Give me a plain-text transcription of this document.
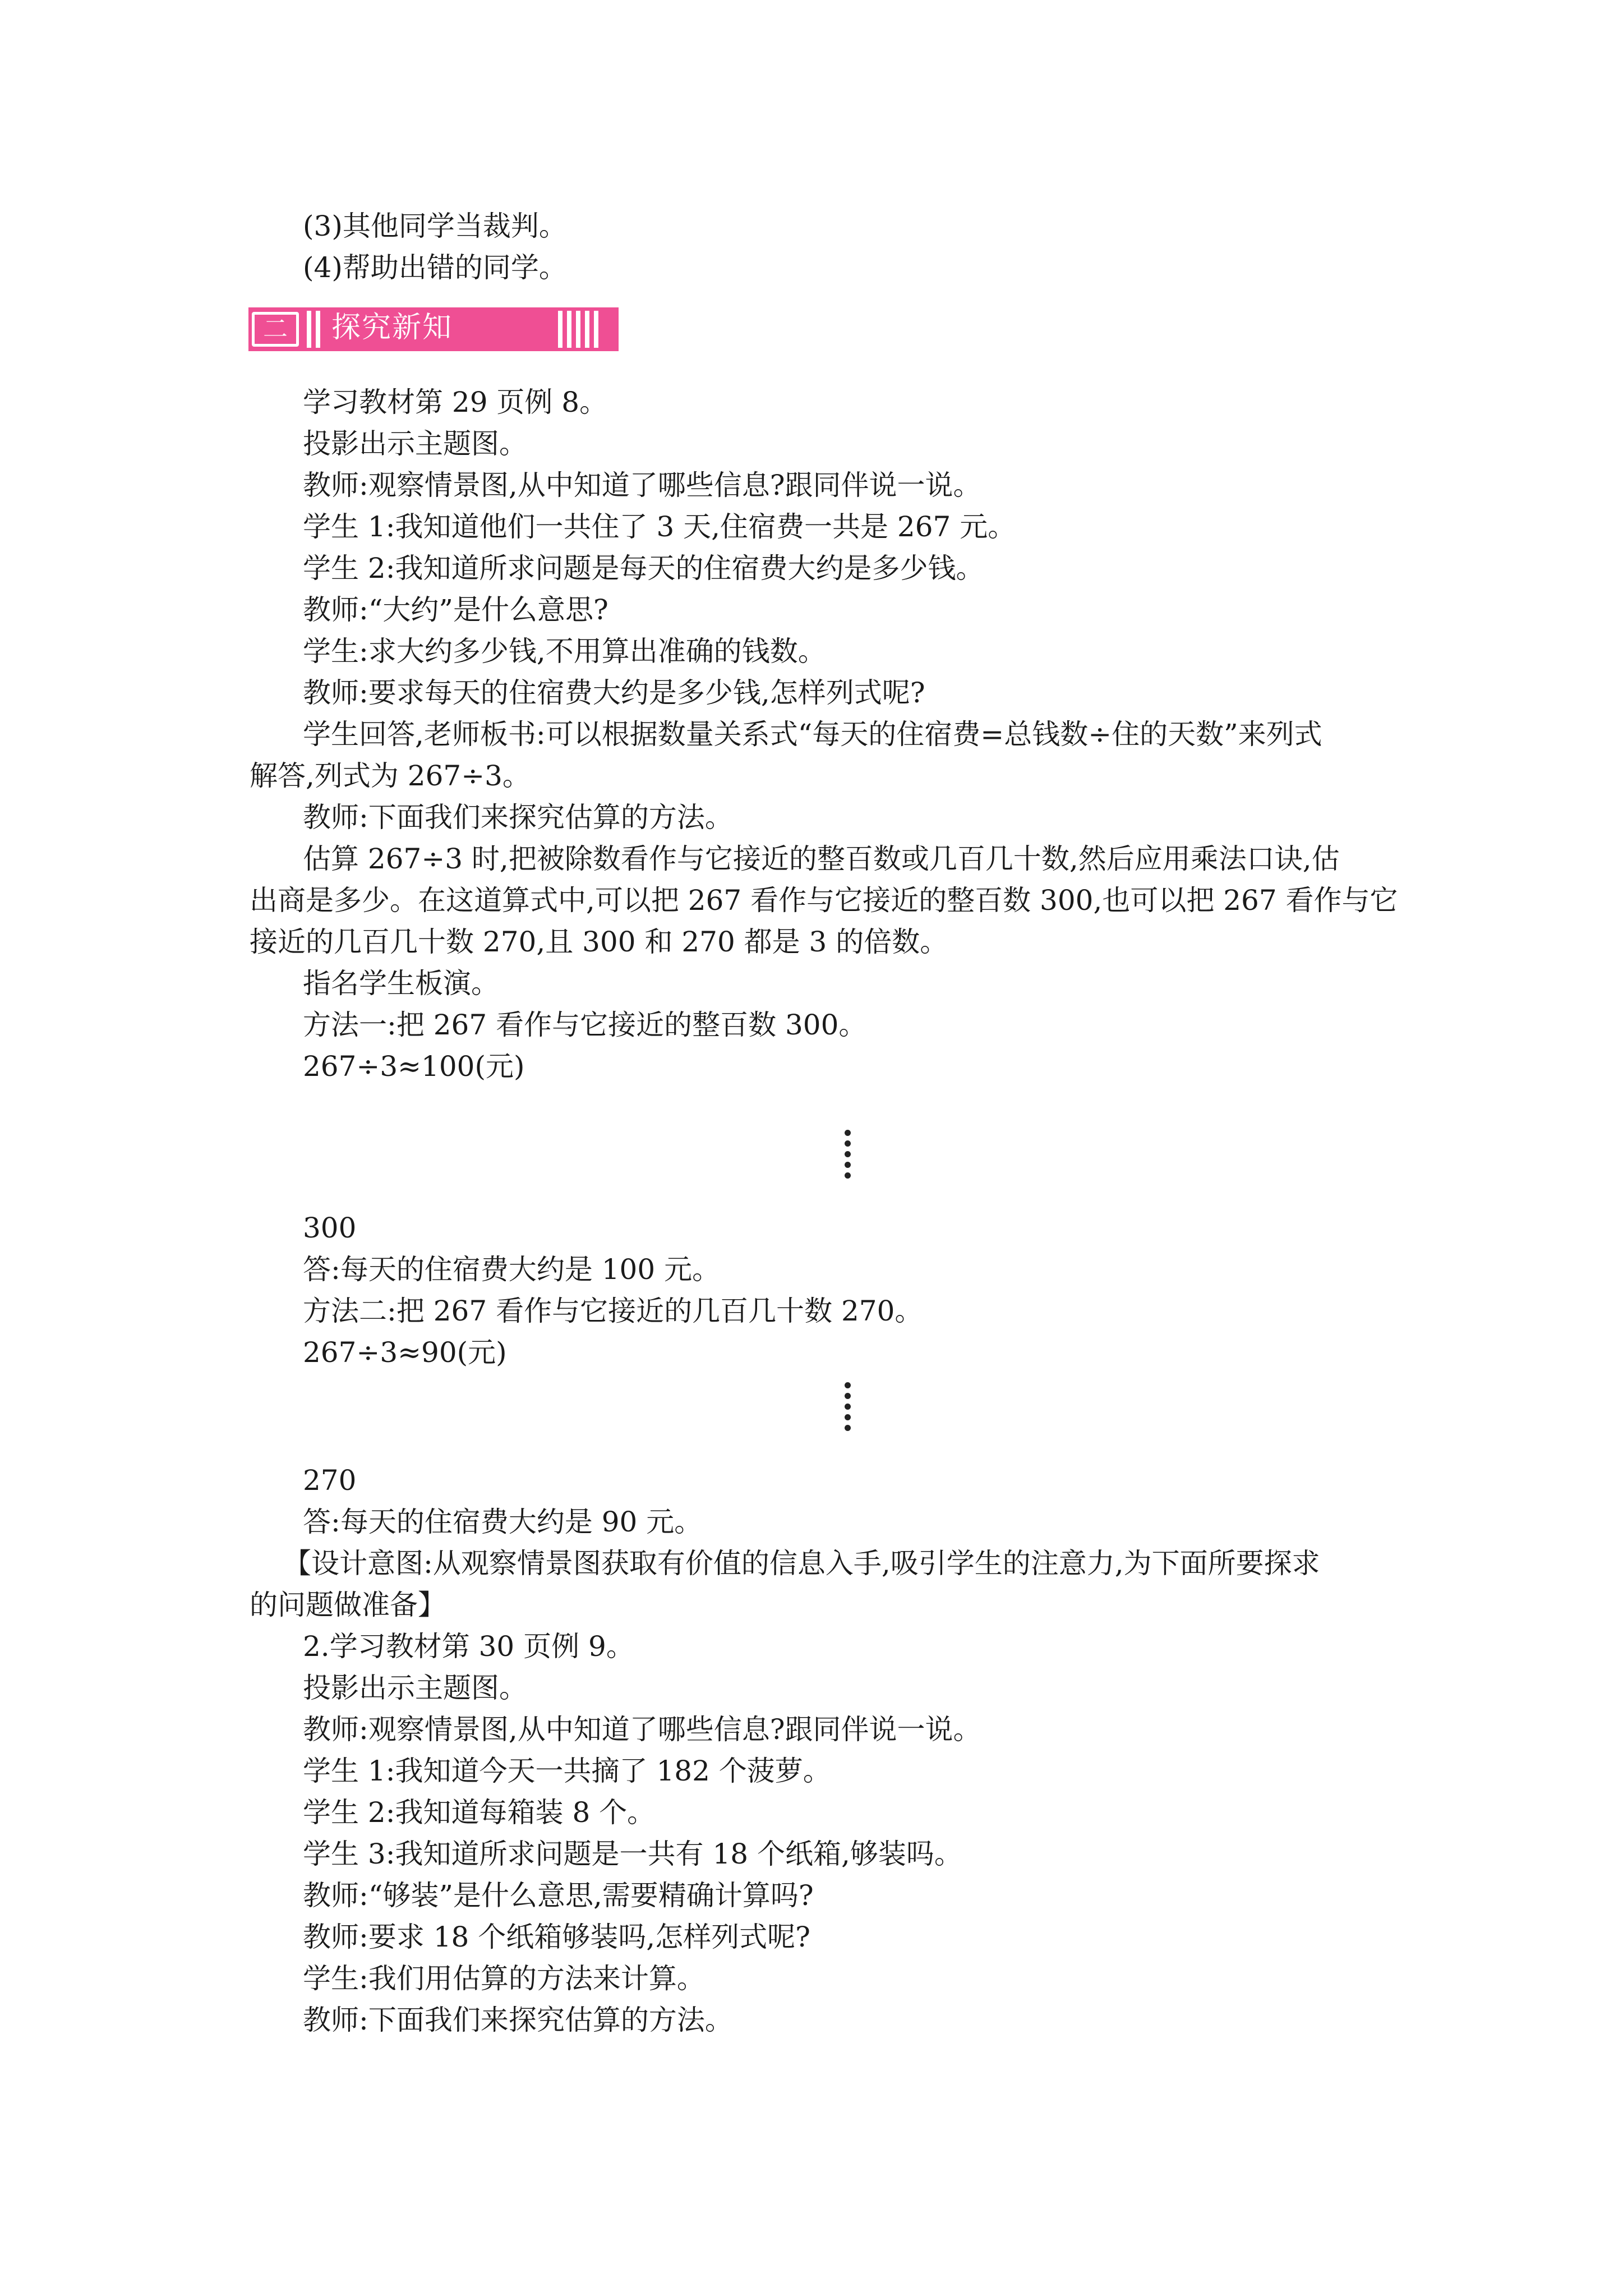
(3)其他同学当裁判。
(4)帮助出错的同学。
二 探究新知
学习教材第 29 页例 8。
投影出示主题图。
教师:观察情景图,从中知道了哪些信息?跟同伴说一说。
学生 1:我知道他们一共住了 3 天,住宿费一共是 267 元。
学生 2:我知道所求问题是每天的住宿费大约是多少钱。
教师:“大约”是什么意思?
学生:求大约多少钱,不用算出准确的钱数。
教师:要求每天的住宿费大约是多少钱,怎样列式呢?
学生回答,老师板书:可以根据数量关系式“每天的住宿费=总钱数÷住的天数”来列式
解答,列式为 267÷3。
教师:下面我们来探究估算的方法。
估算 267÷3 时,把被除数看作与它接近的整百数或几百几十数,然后应用乘法口诀,估
出商是多少。在这道算式中,可以把 267 看作与它接近的整百数 300,也可以把 267 看作与它
接近的几百几十数 270,且 300 和 270 都是 3 的倍数。
指名学生板演。
方法一:把 267 看作与它接近的整百数 300。
267÷3≈100(元)
300
答:每天的住宿费大约是 100 元。
方法二:把 267 看作与它接近的几百几十数 270。
267÷3≈90(元)
270
答:每天的住宿费大约是 90 元。
【设计意图:从观察情景图获取有价值的信息入手,吸引学生的注意力,为下面所要探求
的问题做准备】
2.学习教材第 30 页例 9。
投影出示主题图。
教师:观察情景图,从中知道了哪些信息?跟同伴说一说。
学生 1:我知道今天一共摘了 182 个菠萝。
学生 2:我知道每箱装 8 个。
学生 3:我知道所求问题是一共有 18 个纸箱,够装吗。
教师:“够装”是什么意思,需要精确计算吗?
教师:要求 18 个纸箱够装吗,怎样列式呢?
学生:我们用估算的方法来计算。
教师:下面我们来探究估算的方法。
